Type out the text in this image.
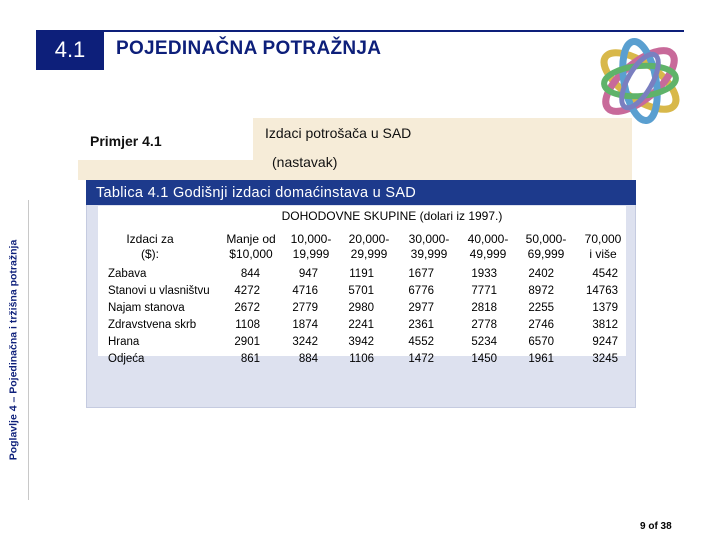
4.1 POJEDINAČNA POTRAŽNJA
Poglavlje 4 – Pojedinačna i tržišna potražnja
Primjer 4.1	Izdaci potrošača u SAD
(nastavak)
Tablica 4.1 Godišnji izdaci domaćinstava u SAD
DOHODOVNE SKUPINE (dolari iz 1997.)
Izdaci za
($):
Manje od
$10,000
10,000-
19,999
20,000-
29,999
30,000-
39,999
40,000-
49,999
50,000-
69,999
70,000
i više
Zabava
Stanovi u vlasništvu
Najam stanova
Zdravstvena skrb
Hrana
Odjeća
844
4272
2672
1108
2901
861
947
4716
2779
1874
3242
884
1191
5701
2980
2241
3942
1106
1677
6776
2977
2361
4552
1472
1933
7771
2818
2778
5234
1450
2402
8972
2255
2746
6570
1961
4542
14763
1379
3812
9247
3245
9 of 38
